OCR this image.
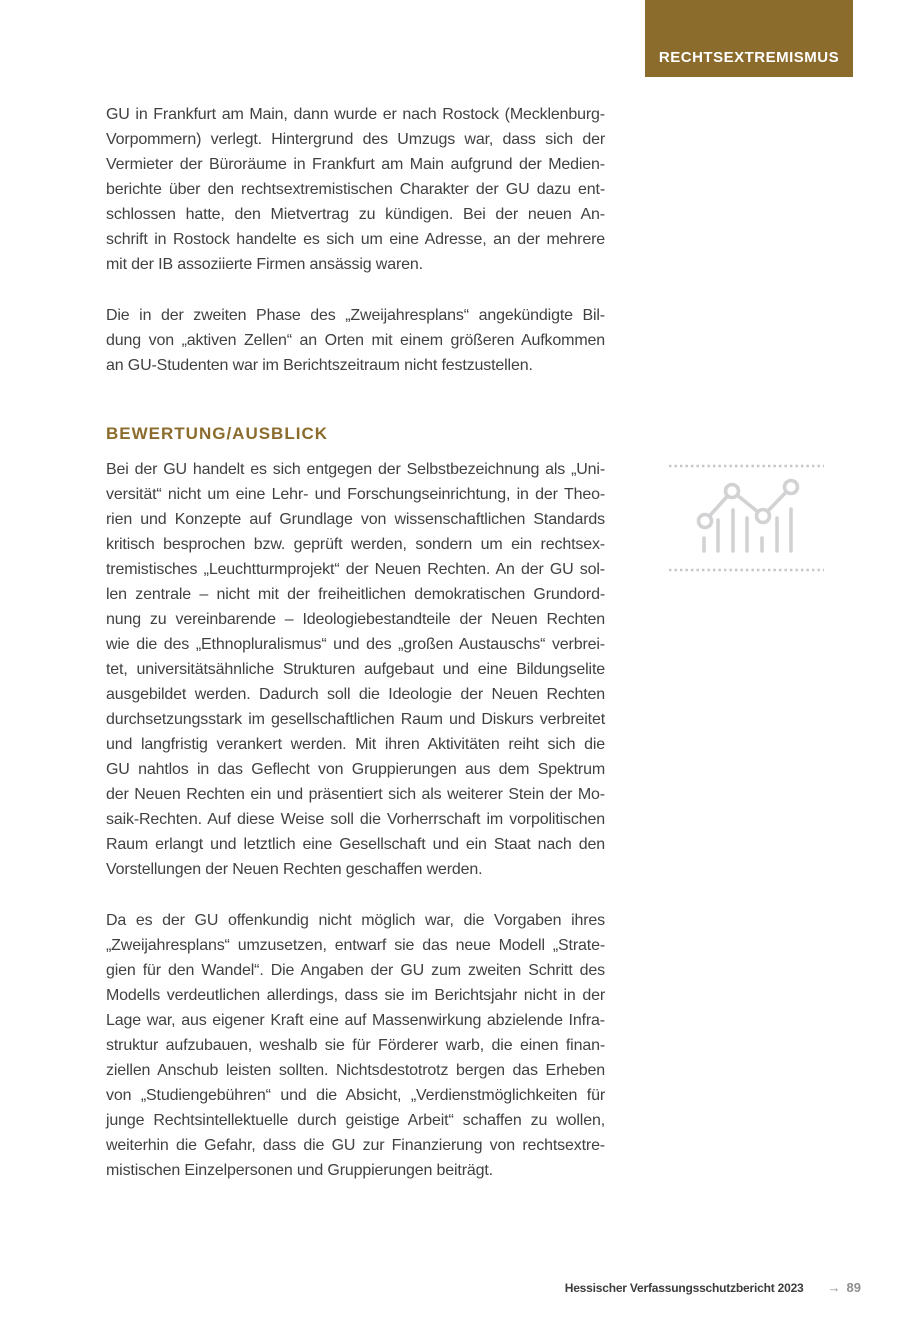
RECHTSEXTREMISMUS
GU in Frankfurt am Main, dann wurde er nach Rostock (Mecklenburg-
Vorpommern) verlegt. Hintergrund des Umzugs war, dass sich der
Vermieter der Büroräume in Frankfurt am Main aufgrund der Medien-
berichte über den rechtsextremistischen Charakter der GU dazu ent-
schlossen hatte, den Mietvertrag zu kündigen. Bei der neuen An-
schrift in Rostock handelte es sich um eine Adresse, an der mehrere
mit der IB assoziierte Firmen ansässig waren.
Die in der zweiten Phase des „Zweijahresplans“ angekündigte Bil-
dung von „aktiven Zellen“ an Orten mit einem größeren Aufkommen
an GU-Studenten war im Berichtszeitraum nicht festzustellen.
BEWERTUNG/AUSBLICK
Bei der GU handelt es sich entgegen der Selbstbezeichnung als „Uni-
versität“ nicht um eine Lehr- und Forschungseinrichtung, in der Theo-
rien und Konzepte auf Grundlage von wissenschaftlichen Standards
kritisch besprochen bzw. geprüft werden, sondern um ein rechtsex-
tremistisches „Leuchtturmprojekt“ der Neuen Rechten. An der GU sol-
len zentrale – nicht mit der freiheitlichen demokratischen Grundord-
nung zu vereinbarende – Ideologiebestandteile der Neuen Rechten
wie die des „Ethnopluralismus“ und des „großen Austauschs“ verbrei-
tet, universitätsähnliche Strukturen aufgebaut und eine Bildungselite
ausgebildet werden. Dadurch soll die Ideologie der Neuen Rechten
durchsetzungsstark im gesellschaftlichen Raum und Diskurs verbreitet
und langfristig verankert werden. Mit ihren Aktivitäten reiht sich die
GU nahtlos in das Geflecht von Gruppierungen aus dem Spektrum
der Neuen Rechten ein und präsentiert sich als weiterer Stein der Mo-
saik-Rechten. Auf diese Weise soll die Vorherrschaft im vorpolitischen
Raum erlangt und letztlich eine Gesellschaft und ein Staat nach den
Vorstellungen der Neuen Rechten geschaffen werden.
Da es der GU offenkundig nicht möglich war, die Vorgaben ihres
„Zweijahresplans“ umzusetzen, entwarf sie das neue Modell „Strate-
gien für den Wandel“. Die Angaben der GU zum zweiten Schritt des
Modells verdeutlichen allerdings, dass sie im Berichtsjahr nicht in der
Lage war, aus eigener Kraft eine auf Massenwirkung abzielende Infra-
struktur aufzubauen, weshalb sie für Förderer warb, die einen finan-
ziellen Anschub leisten sollten. Nichtsdestotrotz bergen das Erheben
von „Studiengebühren“ und die Absicht, „Verdienstmöglichkeiten für
junge Rechtsintellektuelle durch geistige Arbeit“ schaffen zu wollen,
weiterhin die Gefahr, dass die GU zur Finanzierung von rechtsextre-
mistischen Einzelpersonen und Gruppierungen beiträgt.
Hessischer Verfassungsschutzbericht 2023 → 89
